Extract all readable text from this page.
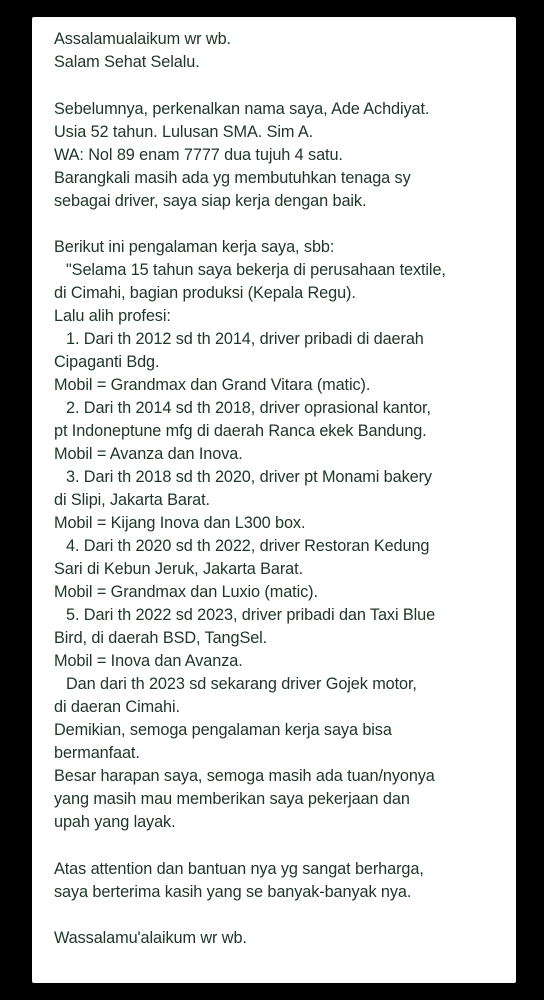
Assalamualaikum wr wb.
Salam Sehat Selalu.
Sebelumnya, perkenalkan nama saya, Ade Achdiyat.
Usia 52 tahun. Lulusan SMA. Sim A.
WA: Nol 89 enam 7777 dua tujuh 4 satu.
Barangkali masih ada yg membutuhkan tenaga sy
sebagai driver, saya siap kerja dengan baik.
Berikut ini pengalaman kerja saya, sbb:
"Selama 15 tahun saya bekerja di perusahaan textile,
di Cimahi, bagian produksi (Kepala Regu).
Lalu alih profesi:
1. Dari th 2012 sd th 2014, driver pribadi di daerah
Cipaganti Bdg.
Mobil = Grandmax dan Grand Vitara (matic).
2. Dari th 2014 sd th 2018, driver oprasional kantor,
pt Indoneptune mfg di daerah Ranca ekek Bandung.
Mobil = Avanza dan Inova.
3. Dari th 2018 sd th 2020, driver pt Monami bakery
di Slipi, Jakarta Barat.
Mobil = Kijang Inova dan L300 box.
4. Dari th 2020 sd th 2022, driver Restoran Kedung
Sari di Kebun Jeruk, Jakarta Barat.
Mobil = Grandmax dan Luxio (matic).
5. Dari th 2022 sd 2023, driver pribadi dan Taxi Blue
Bird, di daerah BSD, TangSel.
Mobil = Inova dan Avanza.
Dan dari th 2023 sd sekarang driver Gojek motor,
di daeran Cimahi.
Demikian, semoga pengalaman kerja saya bisa
bermanfaat.
Besar harapan saya, semoga masih ada tuan/nyonya
yang masih mau memberikan saya pekerjaan dan
upah yang layak.
Atas attention dan bantuan nya yg sangat berharga,
saya berterima kasih yang se banyak-banyak nya.
Wassalamu'alaikum wr wb.
